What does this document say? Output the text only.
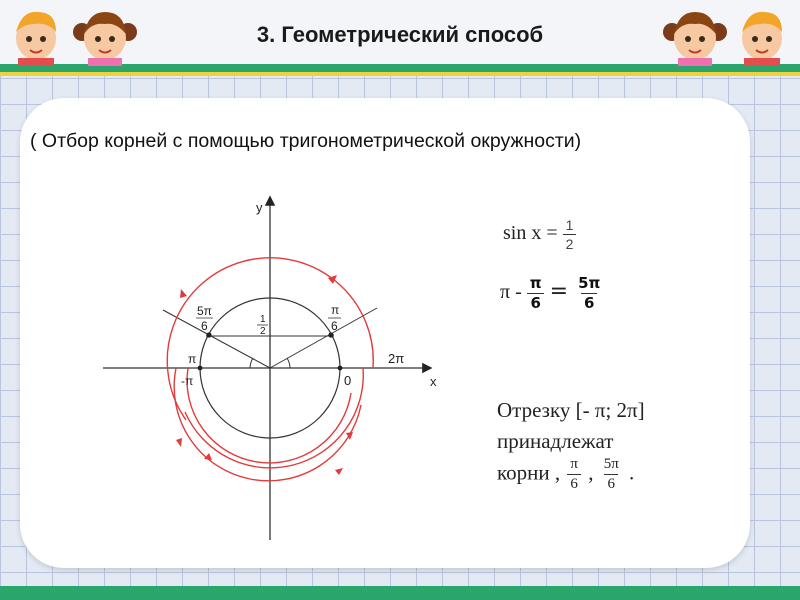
3. Геометрический способ
( Отбор корней с помощью тригонометрической окружности)
y
x
0
2π
π
-π
1
2
5π
6
π
6
$\sin x = \frac{1}{2}$
$\pi - \frac{\pi}{6} = \frac{5\pi}{6}$
Отрезку [- π; 2π]
принадлежат
корни , $\frac{\pi}{6}$ , $\frac{5\pi}{6}$ .
